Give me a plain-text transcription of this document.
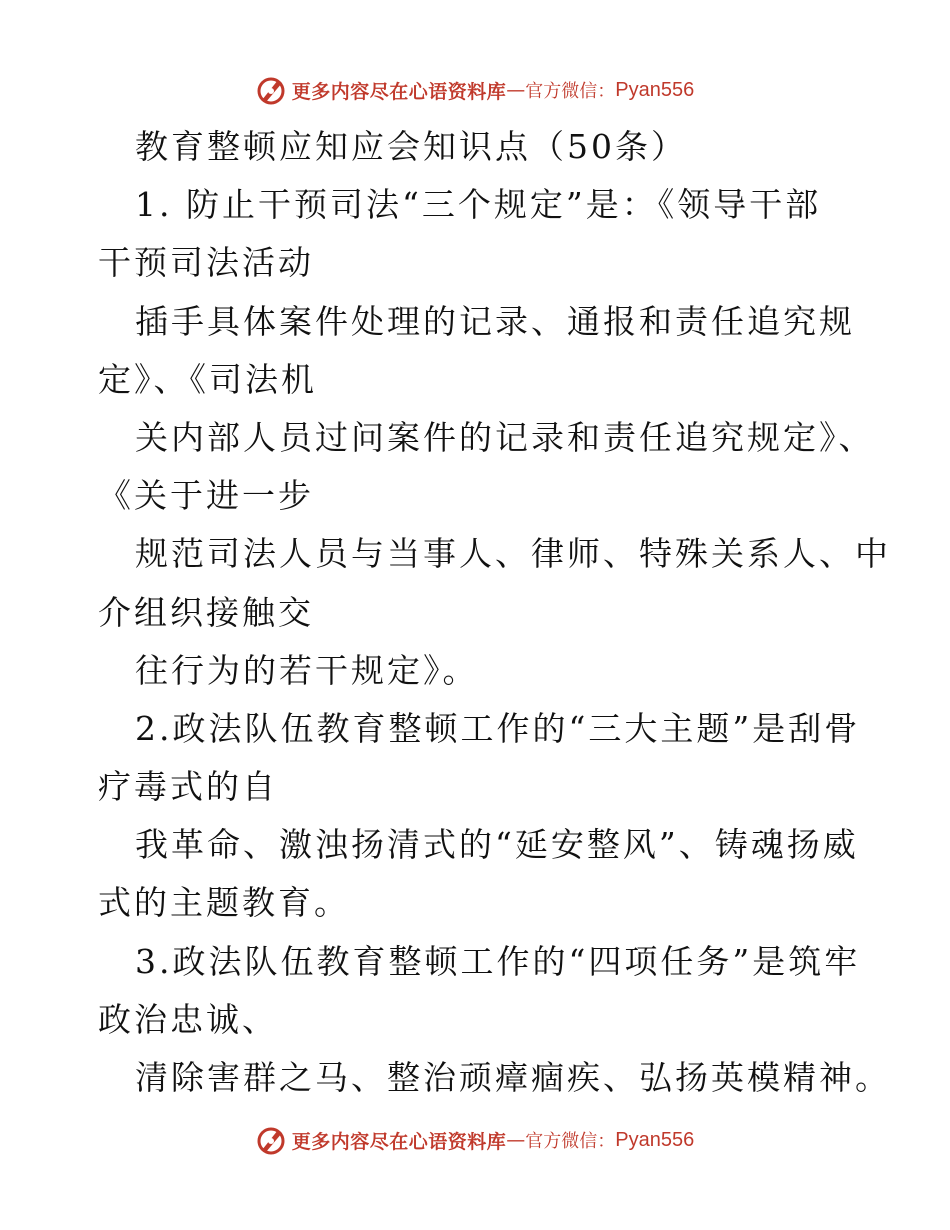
更多内容尽在心语资料库 — 官方微信： Pyan556
教育整顿应知应会知识点（50条）
1. 防止干预司法“三个规定”是：《领导干部
干预司法活动
插手具体案件处理的记录、通报和责任追究规
定》、《司法机
关内部人员过问案件的记录和责任追究规定》、
《关于进一步
规范司法人员与当事人、律师、特殊关系人、中
介组织接触交
往行为的若干规定》。
2.政法队伍教育整顿工作的“三大主题”是刮骨
疗毒式的自
我革命、激浊扬清式的“延安整风”、铸魂扬威
式的主题教育。
3.政法队伍教育整顿工作的“四项任务”是筑牢
政治忠诚、
清除害群之马、整治顽瘴痼疾、弘扬英模精神。
更多内容尽在心语资料库 — 官方微信： Pyan556
